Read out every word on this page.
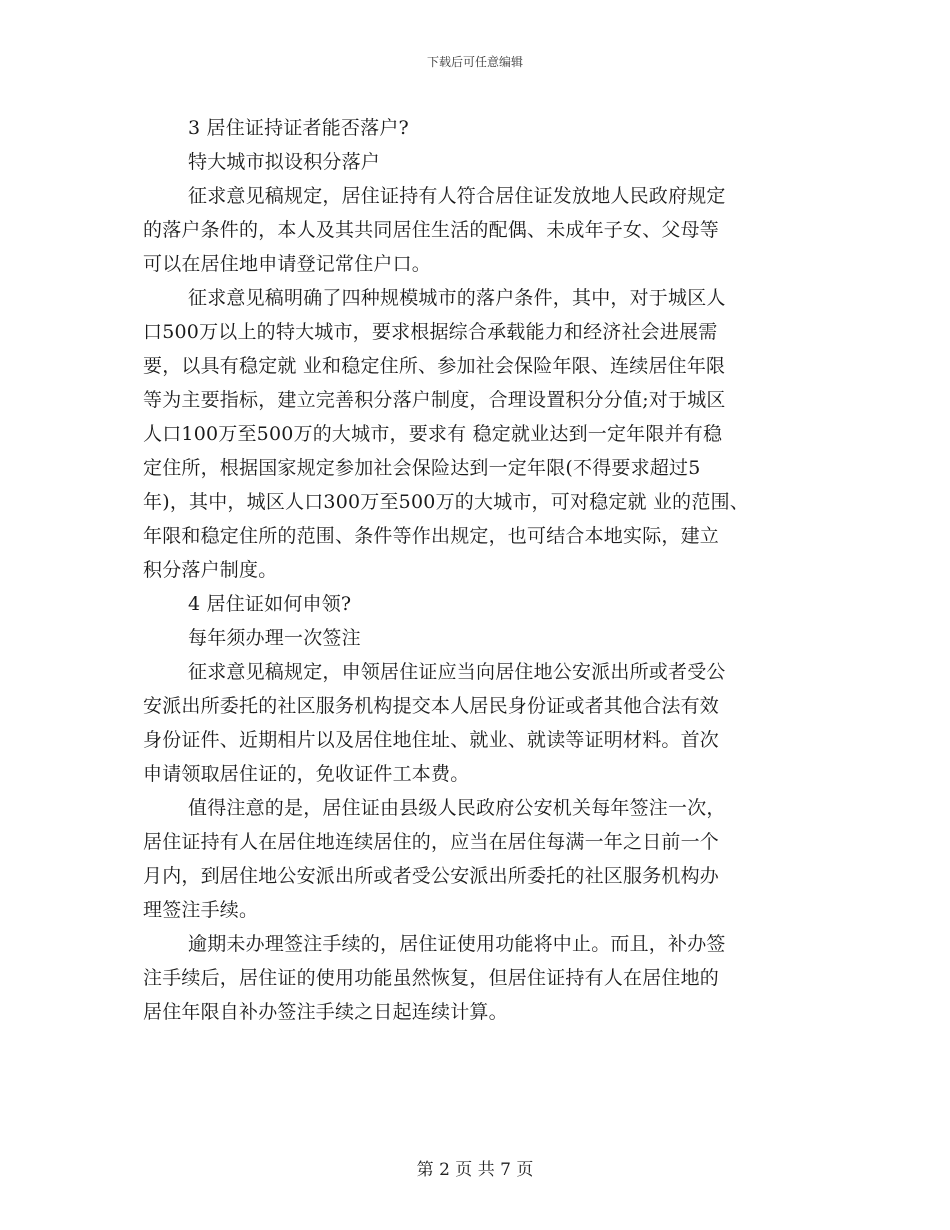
下载后可任意编辑
3 居住证持证者能否落户?
特大城市拟设积分落户
征求意见稿规定，居住证持有人符合居住证发放地人民政府规定
的落户条件的，本人及其共同居住生活的配偶、未成年子女、父母等
可以在居住地申请登记常住户口。
征求意见稿明确了四种规模城市的落户条件，其中，对于城区人
口500万以上的特大城市，要求根据综合承载能力和经济社会进展需
要，以具有稳定就 业和稳定住所、参加社会保险年限、连续居住年限
等为主要指标，建立完善积分落户制度，合理设置积分分值;对于城区
人口100万至500万的大城市，要求有 稳定就业达到一定年限并有稳
定住所，根据国家规定参加社会保险达到一定年限(不得要求超过5
年)，其中，城区人口300万至500万的大城市，可对稳定就 业的范围、
年限和稳定住所的范围、条件等作出规定，也可结合本地实际，建立
积分落户制度。
4 居住证如何申领?
每年须办理一次签注
征求意见稿规定，申领居住证应当向居住地公安派出所或者受公
安派出所委托的社区服务机构提交本人居民身份证或者其他合法有效
身份证件、近期相片以及居住地住址、就业、就读等证明材料。首次
申请领取居住证的，免收证件工本费。
值得注意的是，居住证由县级人民政府公安机关每年签注一次，
居住证持有人在居住地连续居住的，应当在居住每满一年之日前一个
月内，到居住地公安派出所或者受公安派出所委托的社区服务机构办
理签注手续。
逾期未办理签注手续的，居住证使用功能将中止。而且，补办签
注手续后，居住证的使用功能虽然恢复，但居住证持有人在居住地的
居住年限自补办签注手续之日起连续计算。
第 2 页 共 7 页
